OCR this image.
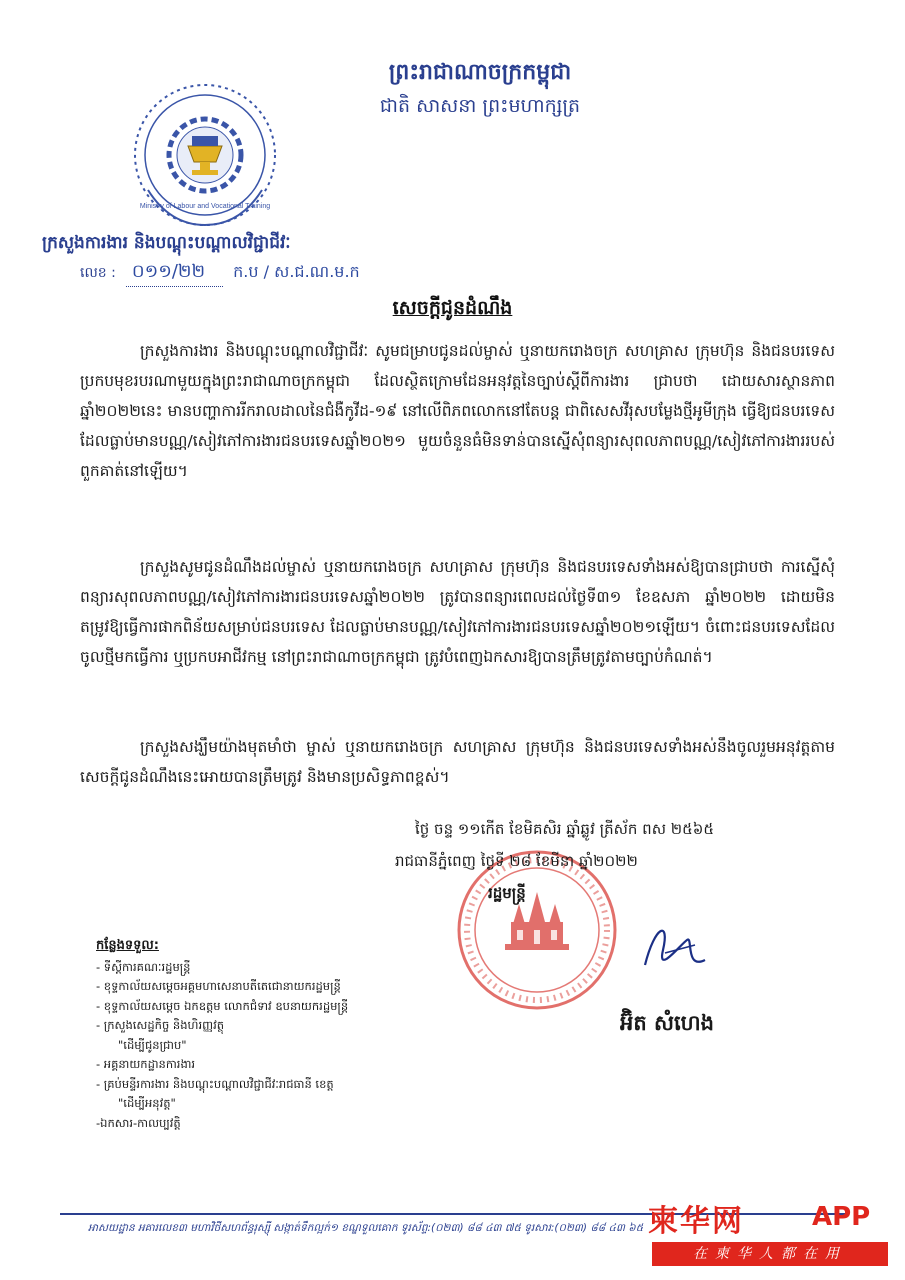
ព្រះរាជាណាចក្រកម្ពុជា
ជាតិ សាសនា ព្រះមហាក្សត្រ
Ministry of Labour and Vocational Training
ក្រសួងការងារ និងបណ្តុះបណ្តាលវិជ្ជាជីវៈ
លេខ : ០១១/២២	ក.ប / ស.ជ.ណ.ម.ក
សេចក្តីជូនដំណឹង

ក្រសួងការងារ និងបណ្តុះបណ្តាលវិជ្ជាជីវៈ សូមជម្រាបជូនដល់ម្ចាស់ ឬនាយករោងចក្រ សហគ្រាស ក្រុមហ៊ុន និងជនបរទេសប្រកបមុខរបរណាមួយក្នុងព្រះរាជាណាចក្រកម្ពុជា ដែលស្ថិតក្រោមដែនអនុវត្តនៃច្បាប់ស្តីពីការងារ ជ្រាបថា ដោយសារស្ថានភាពឆ្នាំ២០២២នេះ មានបញ្ហាការរីករាលដាលនៃជំងឺកូវីដ-១៩ នៅលើពិភពលោកនៅតែបន្ត ជាពិសេសវីរុសបម្លែងថ្មីអូមីក្រុង ធ្វើឱ្យជនបរទេសដែលធ្លាប់មានបណ្ណ/សៀវភៅការងារជនបរទេសឆ្នាំ២០២១ មួយចំនួនធំមិនទាន់បានស្នើសុំពន្យារសុពលភាពបណ្ណ/សៀវភៅការងាររបស់ពួកគាត់នៅឡើយ។

ក្រសួងសូមជូនដំណឹងដល់ម្ចាស់ ឬនាយករោងចក្រ សហគ្រាស ក្រុមហ៊ុន និងជនបរទេសទាំងអស់ឱ្យបានជ្រាបថា ការស្នើសុំពន្យារសុពលភាពបណ្ណ/សៀវភៅការងារជនបរទេសឆ្នាំ២០២២ ត្រូវបានពន្យារពេលដល់ថ្ងៃទី៣១ ខែឧសភា ឆ្នាំ២០២២ ដោយមិនតម្រូវឱ្យធ្វើការផាកពិន័យសម្រាប់ជនបរទេស ដែលធ្លាប់មានបណ្ណ/សៀវភៅការងារជនបរទេសឆ្នាំ២០២១ឡើយ។ ចំពោះជនបរទេសដែលចូលថ្មីមកធ្វើការ ឬប្រកបអាជីវកម្ម នៅព្រះរាជាណាចក្រកម្ពុជា ត្រូវបំពេញឯកសារឱ្យបានត្រឹមត្រូវតាមច្បាប់កំណត់។

ក្រសួងសង្ឃឹមយ៉ាងមុតមាំថា ម្ចាស់ ឬនាយករោងចក្រ សហគ្រាស ក្រុមហ៊ុន និងជនបរទេសទាំងអស់នឹងចូលរួមអនុវត្តតាមសេចក្តីជូនដំណឹងនេះអោយបានត្រឹមត្រូវ និងមានប្រសិទ្ធភាពខ្ពស់។

ថ្ងៃ ចន្ទ ១១កើត ខែមិគសិរ ឆ្នាំឆ្លូវ ត្រីស័ក ពស ២៥៦៥
រាជធានីភ្នំពេញ ថ្ងៃទី ២៨ ខែមីនា ឆ្នាំ២០២២
រដ្ឋមន្ត្រី
អ៊ិត សំហេង
កន្លែងទទួល:
- ទីស្តីការគណៈរដ្ឋមន្ត្រី
- ខុទ្ទកាល័យសម្តេចអគ្គមហាសេនាបតីតេជោនាយករដ្ឋមន្ត្រី
- ខុទ្ទកាល័យសម្តេច ឯកឧត្តម លោកជំទាវ ឧបនាយករដ្ឋមន្ត្រី
- ក្រសួងសេដ្ឋកិច្ច និងហិរញ្ញវត្ថុ
"ដើម្បីជូនជ្រាប"
- អគ្គនាយកដ្ឋានការងារ
- គ្រប់មន្ទីរការងារ និងបណ្តុះបណ្តាលវិជ្ជាជីវៈរាជធានី ខេត្ត
"ដើម្បីអនុវត្ត"
-ឯកសារ-កាលប្បវត្តិ
អាសយដ្ឋាន អគារលេខ៣ មហាវិថីសហព័ន្ធរុស្ស៊ី សង្កាត់ទឹកល្អក់១ ខណ្ឌទួលគោក ទូរស័ព្ទ:(០២៣) ៨៨ ៤៣ ៧៥ ទូរសារ:(០២៣) ៨៨ ៤៣ ៦៥ 柬华网	APP
在柬华人都在用
